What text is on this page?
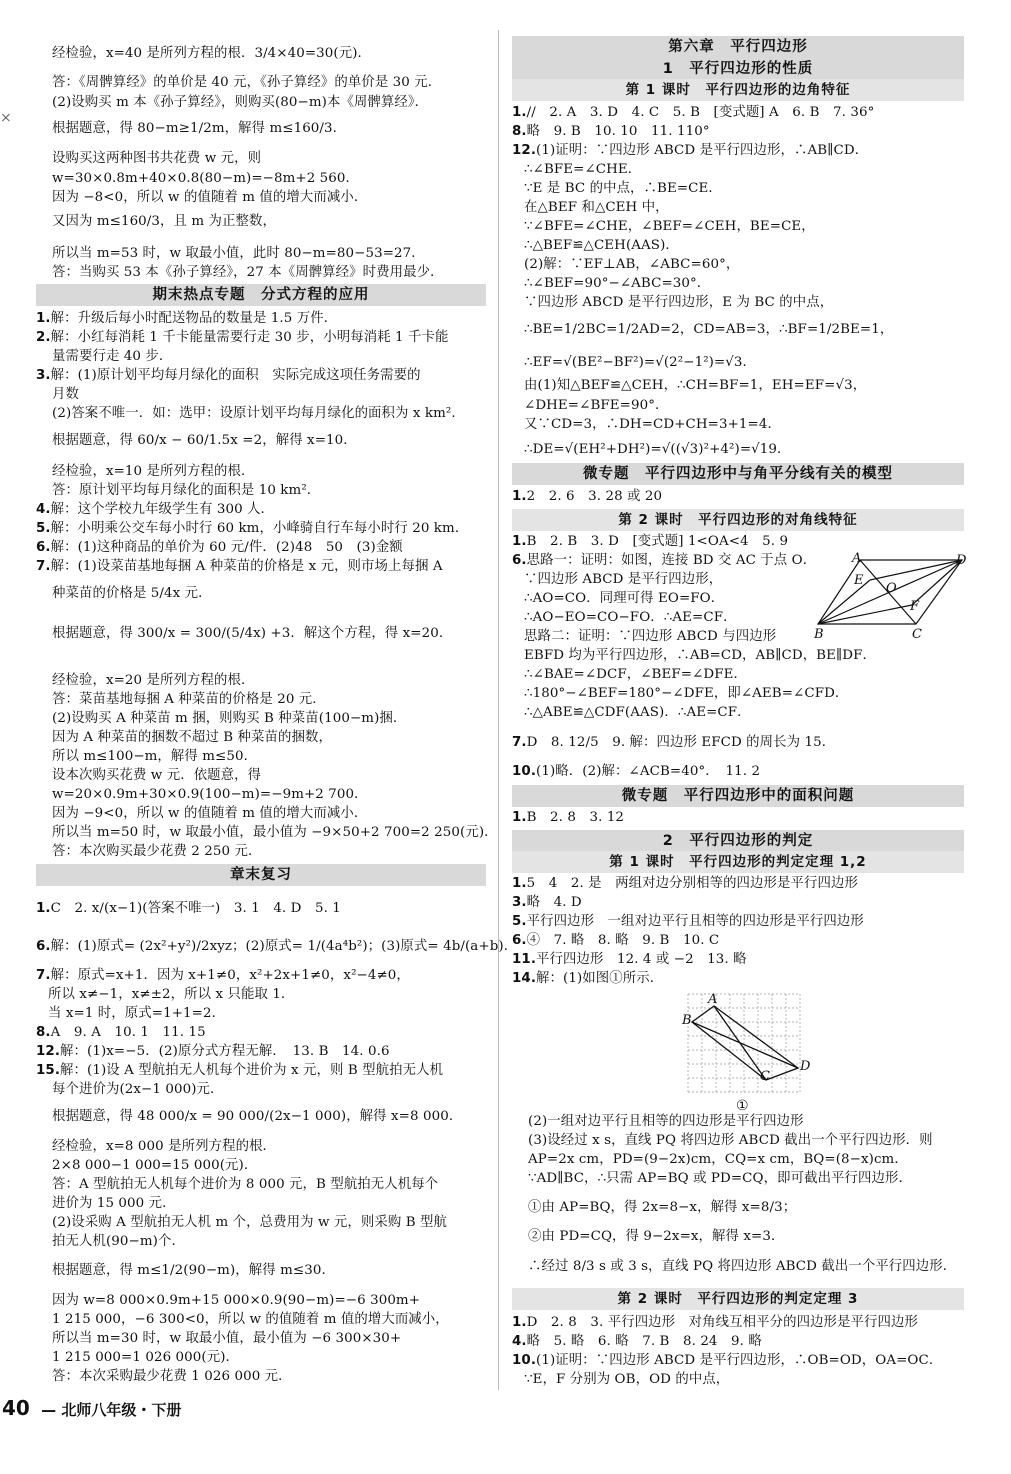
×
期末热点专题　分式方程的应用
章末复习
经检验，x=40 是所列方程的根．3/4×40=30(元)．
答：《周髀算经》的单价是 40 元，《孙子算经》的单价是 30 元．
(2)设购买 m 本《孙子算经》，则购买(80−m)本《周髀算经》．
根据题意，得 80−m≥1/2m，解得 m≤160/3．
设购买这两种图书共花费 w 元，则
w=30×0.8m+40×0.8(80−m)=−8m+2 560．
因为 −8<0，所以 w 的值随着 m 值的增大而减小．
又因为 m≤160/3，且 m 为正整数，
所以当 m=53 时，w 取最小值，此时 80−m=80−53=27．
答：当购买 53 本《孙子算经》，27 本《周髀算经》时费用最少．
1.解：升级后每小时配送物品的数量是 1.5 万件．
2.解：小红每消耗 1 千卡能量需要行走 30 步，小明每消耗 1 千卡能
量需要行走 40 步．
3.解：(1)原计划平均每月绿化的面积　实际完成这项任务需要的
月数
(2)答案不唯一．如：选甲：设原计划平均每月绿化的面积为 x km²．
根据题意，得 60/x − 60/1.5x =2，解得 x=10．
经检验，x=10 是所列方程的根．
答：原计划平均每月绿化的面积是 10 km²．
4.解：这个学校九年级学生有 300 人．
5.解：小明乘公交车每小时行 60 km，小峰骑自行车每小时行 20 km．
6.解：(1)这种商品的单价为 60 元/件．(2)48　50　(3)金额
7.解：(1)设菜苗基地每捆 A 种菜苗的价格是 x 元，则市场上每捆 A
种菜苗的价格是 5/4x 元．
根据题意，得 300/x = 300/(5/4x) +3．解这个方程，得 x=20．
经检验，x=20 是所列方程的根．
答：菜苗基地每捆 A 种菜苗的价格是 20 元．
(2)设购买 A 种菜苗 m 捆，则购买 B 种菜苗(100−m)捆．
因为 A 种菜苗的捆数不超过 B 种菜苗的捆数，
所以 m≤100−m，解得 m≤50．
设本次购买花费 w 元．依题意，得
w=20×0.9m+30×0.9(100−m)=−9m+2 700．
因为 −9<0，所以 w 的值随着 m 值的增大而减小．
所以当 m=50 时，w 取最小值，最小值为 −9×50+2 700=2 250(元)．
答：本次购买最少花费 2 250 元．
1.C　2. x/(x−1)(答案不唯一)　3. 1　4. D　5. 1
6.解：(1)原式= (2x²+y²)/2xyz；(2)原式= 1/(4a⁴b²)；(3)原式= 4b/(a+b)．
7.解：原式=x+1．因为 x+1≠0，x²+2x+1≠0，x²−4≠0，
所以 x≠−1，x≠±2，所以 x 只能取 1．
当 x=1 时，原式=1+1=2．
8.A　9. A　10. 1　11. 15
12.解：(1)x=−5．(2)原分式方程无解．　13. B　14. 0.6
15.解：(1)设 A 型航拍无人机每个进价为 x 元，则 B 型航拍无人机
每个进价为(2x−1 000)元．
根据题意，得 48 000/x = 90 000/(2x−1 000)，解得 x=8 000．
经检验，x=8 000 是所列方程的根．
2×8 000−1 000=15 000(元)．
答：A 型航拍无人机每个进价为 8 000 元，B 型航拍无人机每个
进价为 15 000 元．
(2)设采购 A 型航拍无人机 m 个，总费用为 w 元，则采购 B 型航
拍无人机(90−m)个．
根据题意，得 m≤1/2(90−m)，解得 m≤30．
因为 w=8 000×0.9m+15 000×0.9(90−m)=−6 300m+
1 215 000，−6 300<0，所以 w 的值随着 m 值的增大而减小，
所以当 m=30 时，w 取最小值，最小值为 −6 300×30+
1 215 000=1 026 000(元)．
答：本次采购最少花费 1 026 000 元．
第六章　平行四边形
1　平行四边形的性质
第 1 课时　平行四边形的边角特征
微专题　平行四边形中与角平分线有关的模型
第 2 课时　平行四边形的对角线特征
微专题　平行四边形中的面积问题
2　平行四边形的判定
第 1 课时　平行四边形的判定定理 1,2
第 2 课时　平行四边形的判定定理 3
1.//　2. A　3. D　4. C　5. B　[变式题] A　6. B　7. 36°
8.略　9. B　10. 10　11. 110°
12.(1)证明：∵四边形 ABCD 是平行四边形，∴AB∥CD．
∴∠BFE=∠CHE．
∵E 是 BC 的中点，∴BE=CE．
在△BEF 和△CEH 中，
∵∠BFE=∠CHE，∠BEF=∠CEH，BE=CE，
∴△BEF≌△CEH(AAS)．
(2)解：∵EF⊥AB，∠ABC=60°，
∴∠BEF=90°−∠ABC=30°．
∵四边形 ABCD 是平行四边形，E 为 BC 的中点，
∴BE=1/2BC=1/2AD=2，CD=AB=3，∴BF=1/2BE=1，
∴EF=√(BE²−BF²)=√(2²−1²)=√3．
由(1)知△BEF≌△CEH，∴CH=BF=1，EH=EF=√3，
∠DHE=∠BFE=90°．
又∵CD=3，∴DH=CD+CH=3+1=4．
∴DE=√(EH²+DH²)=√((√3)²+4²)=√19．
1.2　2. 6　3. 28 或 20
1.B　2. B　3. D　[变式题] 1<OA<4　5. 9
6.思路一：证明：如图，连接 BD 交 AC 于点 O．
∵四边形 ABCD 是平行四边形，
∴AO=CO．同理可得 EO=FO．
∴AO−EO=CO−FO．∴AE=CF．
思路二：证明：∵四边形 ABCD 与四边形
EBFD 均为平行四边形，∴AB=CD，AB∥CD，BE∥DF．
∴∠BAE=∠DCF，∠BEF=∠DFE．
∴180°−∠BEF=180°−∠DFE，即∠AEB=∠CFD．
∴△ABE≌△CDF(AAS)．∴AE=CF．
7.D　8. 12/5　9. 解：四边形 EFCD 的周长为 15．
10.(1)略．(2)解：∠ACB=40°．　11. 2
1.B　2. 8　3. 12
1.5　4　2. 是　两组对边分别相等的四边形是平行四边形
3.略　4. D
5.平行四边形　一组对边平行且相等的四边形是平行四边形
6.④　7. 略　8. 略　9. B　10. C
11.平行四边形　12. 4 或 −2　13. 略
14.解：(1)如图①所示．
(2)一组对边平行且相等的四边形是平行四边形
(3)设经过 x s，直线 PQ 将四边形 ABCD 截出一个平行四边形．则
AP=2x cm，PD=(9−2x)cm，CQ=x cm，BQ=(8−x)cm．
∵AD∥BC，∴只需 AP=BQ 或 PD=CQ，即可截出平行四边形．
①由 AP=BQ，得 2x=8−x，解得 x=8/3；
②由 PD=CQ，得 9−2x=x，解得 x=3．
∴经过 8/3 s 或 3 s，直线 PQ 将四边形 ABCD 截出一个平行四边形．
1.D　2. 8　3. 平行四边形　对角线互相平分的四边形是平行四边形
4.略　5. 略　6. 略　7. B　8. 24　9. 略
10.(1)证明：∵四边形 ABCD 是平行四边形，∴OB=OD，OA=OC．
∵E，F 分别为 OB，OD 的中点，
A	D
B	C
E
F
O
A
B
C
D
①
40 — 北师八年级・下册
